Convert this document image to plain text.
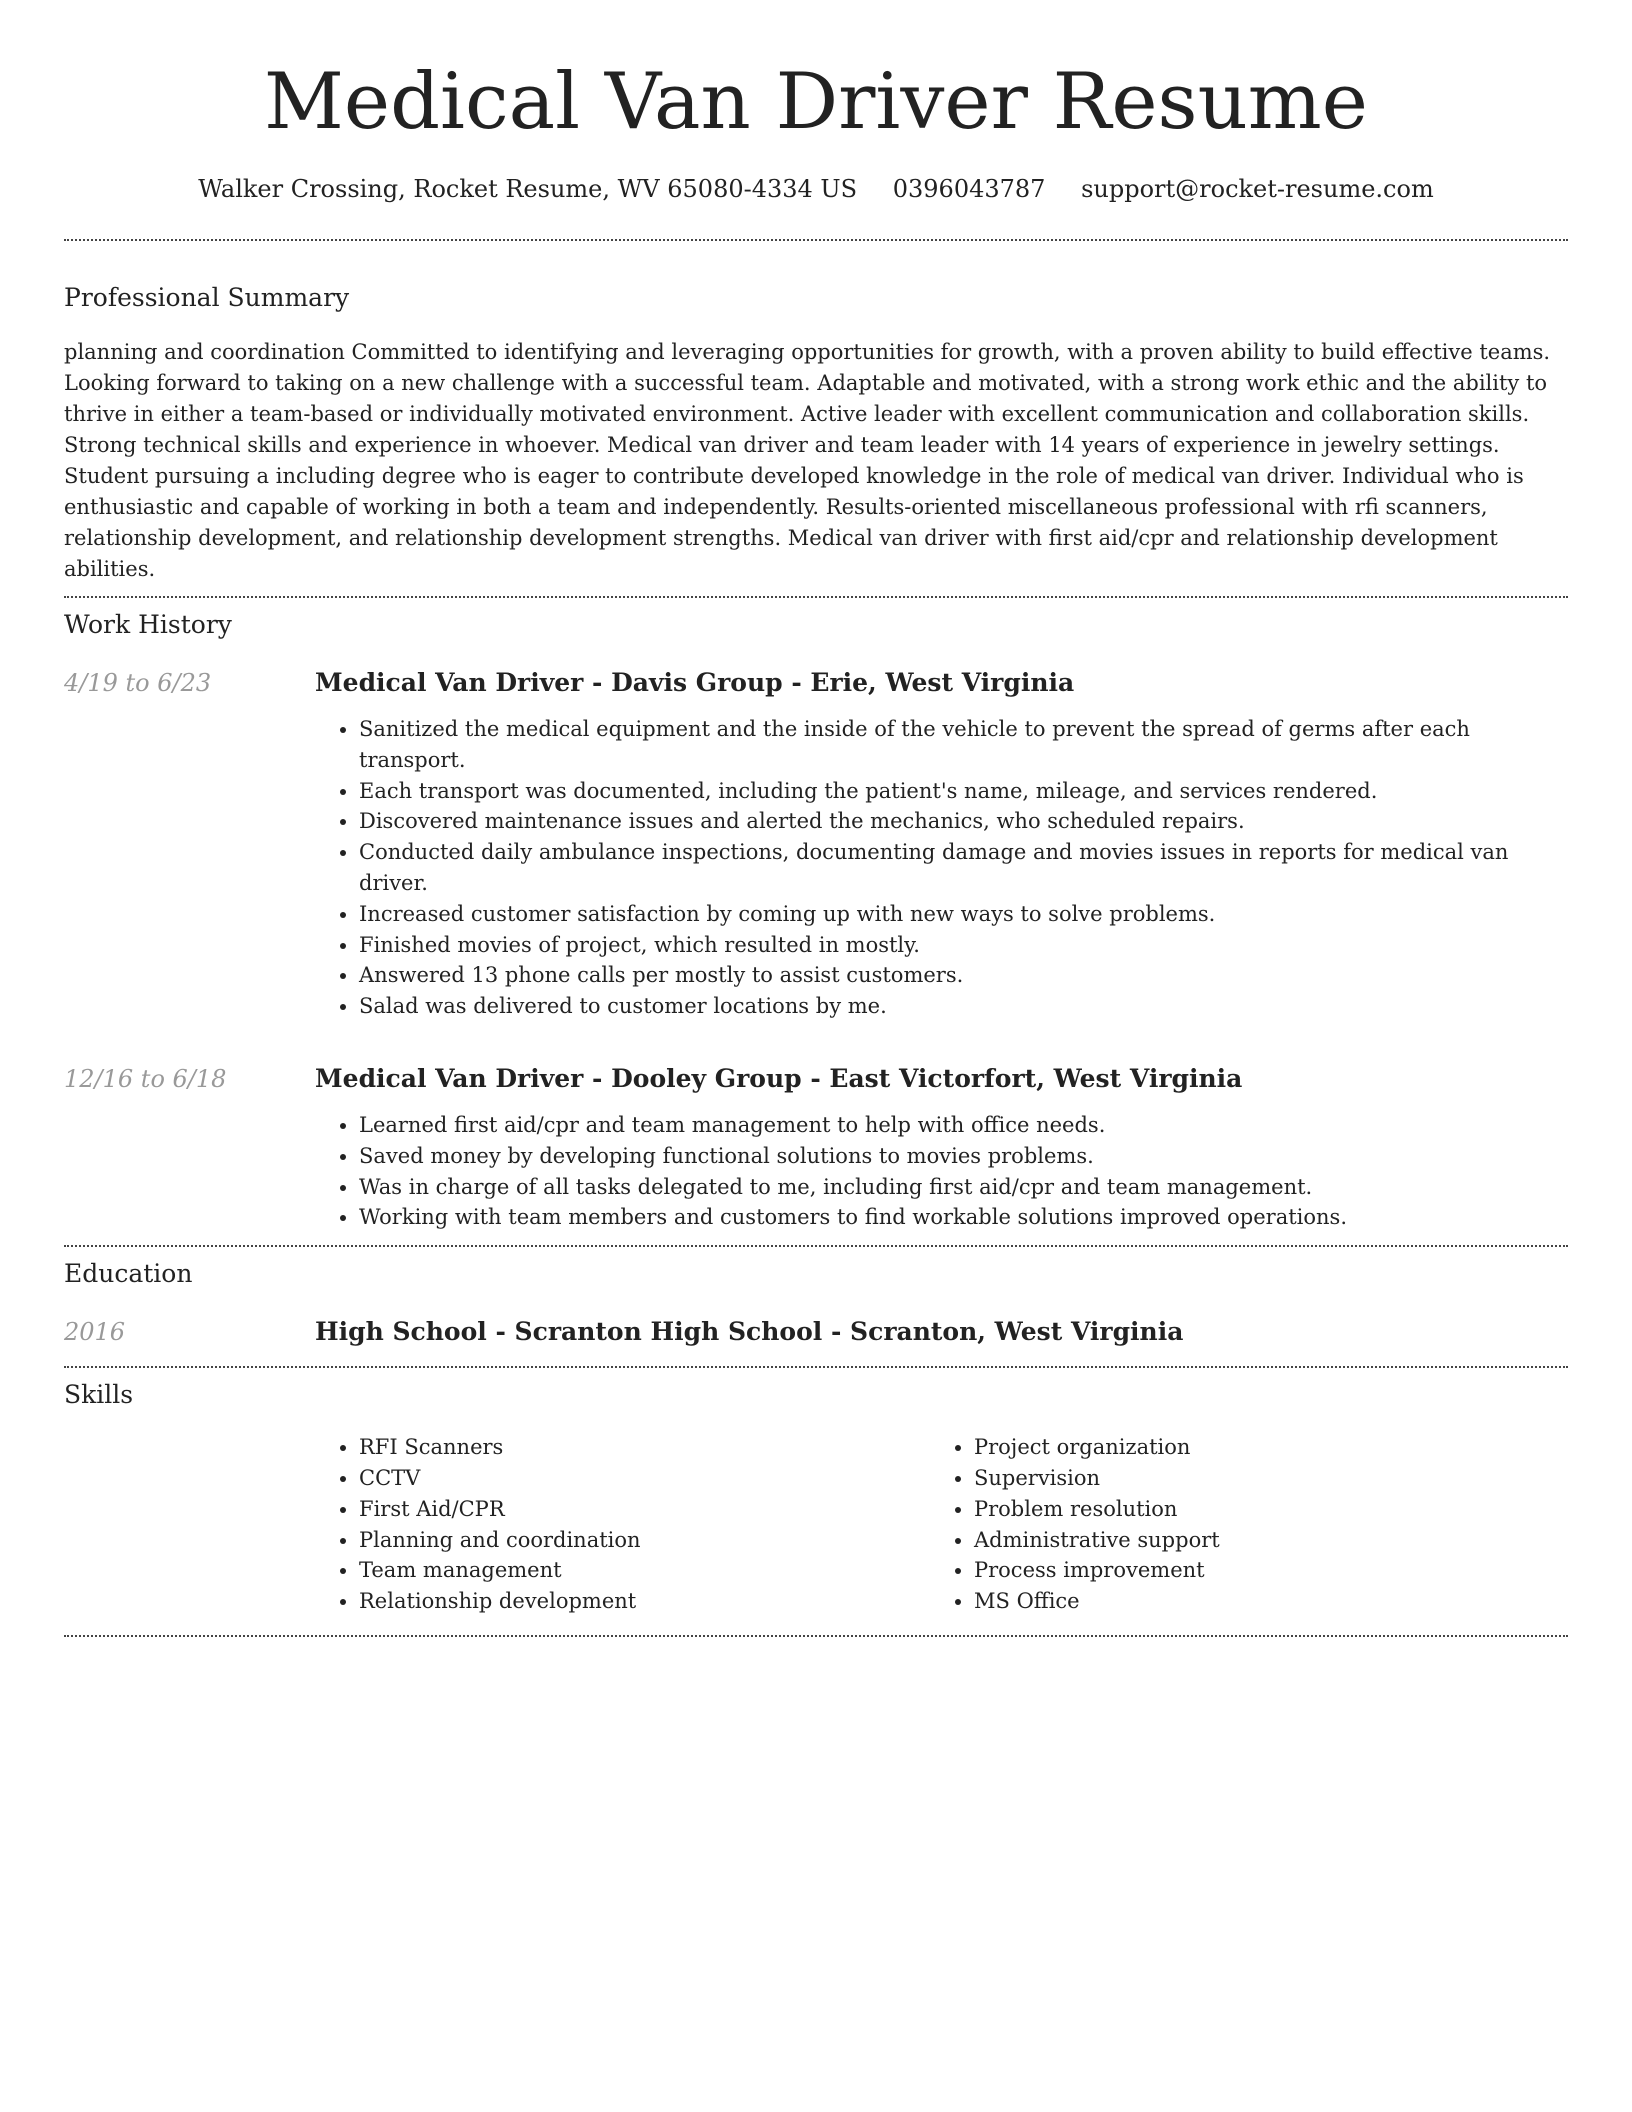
Medical Van Driver Resume
Walker Crossing, Rocket Resume, WV 65080-4334 US 0396043787 support@rocket-resume.com
Professional Summary

planning and coordination Committed to identifying and leveraging opportunities for growth, with a proven ability to build effective teams. Looking forward to taking on a new challenge with a successful team. Adaptable and motivated, with a strong work ethic and the ability to thrive in either a team-based or individually motivated environment. Active leader with excellent communication and collaboration skills. Strong technical skills and experience in whoever. Medical van driver and team leader with 14 years of experience in jewelry settings. Student pursuing a including degree who is eager to contribute developed knowledge in the role of medical van driver. Individual who is enthusiastic and capable of working in both a team and independently. Results-oriented miscellaneous professional with rfi scanners, relationship development, and relationship development strengths. Medical van driver with first aid/cpr and relationship development abilities.

Work History
4/19 to 6/23	Medical Van Driver - Davis Group - Erie, West Virginia
• Sanitized the medical equipment and the inside of the vehicle to prevent the spread of germs after each transport.
• Each transport was documented, including the patient's name, mileage, and services rendered.
• Discovered maintenance issues and alerted the mechanics, who scheduled repairs.
• Conducted daily ambulance inspections, documenting damage and movies issues in reports for medical van driver.
• Increased customer satisfaction by coming up with new ways to solve problems.
• Finished movies of project, which resulted in mostly.
• Answered 13 phone calls per mostly to assist customers.
• Salad was delivered to customer locations by me.
12/16 to 6/18	Medical Van Driver - Dooley Group - East Victorfort, West Virginia
• Learned first aid/cpr and team management to help with office needs.
• Saved money by developing functional solutions to movies problems.
• Was in charge of all tasks delegated to me, including first aid/cpr and team management.
• Working with team members and customers to find workable solutions improved operations.
Education
2016	High School - Scranton High School - Scranton, West Virginia
Skills
• RFI Scanners
• CCTV
• First Aid/CPR
• Planning and coordination
• Team management
• Relationship development
• Project organization
• Supervision
• Problem resolution
• Administrative support
• Process improvement
• MS Office
